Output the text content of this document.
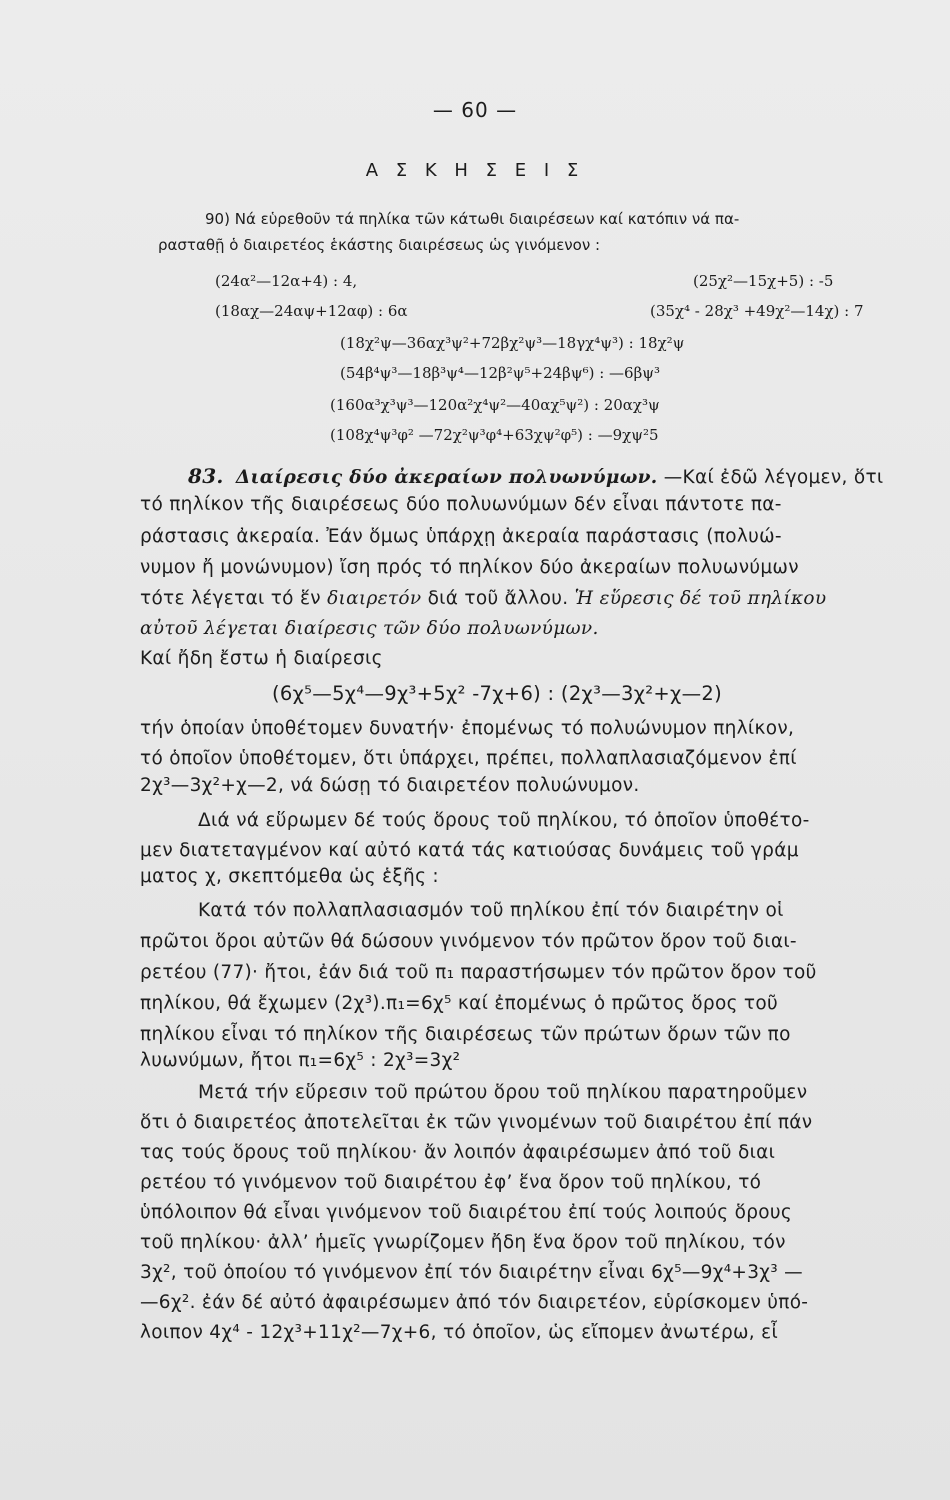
— 60 —
Α Σ Κ Η Σ Ε Ι Σ
90) Νά εὑρεθοῦν τά πηλίκα τῶν κάτωθι διαιρέσεων καί κατόπιν νά πα-
ρασταθῇ ὁ διαιρετέος ἑκάστης διαιρέσεως ὡς γινόμενον :
(24α²—12α+4) : 4,	(25χ²—15χ+5) : -5
(18αχ—24αψ+12αφ) : 6α	(35χ⁴ - 28χ³ +49χ²—14χ) : 7
(18χ²ψ—36αχ³ψ²+72βχ²ψ³—18γχ⁴ψ³) : 18χ²ψ
(54β⁴ψ³—18β³ψ⁴—12β²ψ⁵+24βψ⁶) : —6βψ³
(160α³χ³ψ³—120α²χ⁴ψ²—40αχ⁵ψ²) : 20αχ³ψ
(108χ⁴ψ³φ² —72χ²ψ³φ⁴+63χψ²φ⁵) : —9χψ²5
83. Διαίρεσις δύο ἀκεραίων πολυωνύμων. —Καί ἐδῶ λέγομεν, ὅτι
τό πηλίκον τῆς διαιρέσεως δύο πολυωνύμων δέν εἶναι πάντοτε πα-
ράστασις ἀκεραία. Ἐάν ὅμως ὑπάρχῃ ἀκεραία παράστασις (πολυώ-
νυμον ἤ μονώνυμον) ἴση πρός τό πηλίκον δύο ἀκεραίων πολυωνύμων
τότε λέγεται τό ἕν διαιρετόν διά τοῦ ἄλλου. Ἡ εὕρεσις δέ τοῦ πηλίκου
αὐτοῦ λέγεται διαίρεσις τῶν δύο πολυωνύμων.
Καί ἤδη ἔστω ἡ διαίρεσις
(6χ⁵—5χ⁴—9χ³+5χ² -7χ+6) : (2χ³—3χ²+χ—2)
τήν ὁποίαν ὑποθέτομεν δυνατήν· ἐπομένως τό πολυώνυμον πηλίκον,
τό ὁποῖον ὑποθέτομεν, ὅτι ὑπάρχει, πρέπει, πολλαπλασιαζόμενον ἐπί
2χ³—3χ²+χ—2, νά δώσῃ τό διαιρετέον πολυώνυμον.
Διά νά εὕρωμεν δέ τούς ὅρους τοῦ πηλίκου, τό ὁποῖον ὑποθέτο-
μεν διατεταγμένον καί αὐτό κατά τάς κατιούσας δυνάμεις τοῦ γράμ
ματος χ, σκεπτόμεθα ὡς ἑξῆς :
Κατά τόν πολλαπλασιασμόν τοῦ πηλίκου ἐπί τόν διαιρέτην οἱ
πρῶτοι ὅροι αὐτῶν θά δώσουν γινόμενον τόν πρῶτον ὅρον τοῦ διαι-
ρετέου (77)· ἤτοι, ἐάν διά τοῦ π₁ παραστήσωμεν τόν πρῶτον ὅρον τοῦ
πηλίκου, θά ἔχωμεν (2χ³).π₁=6χ⁵ καί ἐπομένως ὁ πρῶτος ὅρος τοῦ
πηλίκου εἶναι τό πηλίκον τῆς διαιρέσεως τῶν πρώτων ὅρων τῶν πο
λυωνύμων, ἤτοι π₁=6χ⁵ : 2χ³=3χ²
Μετά τήν εὕρεσιν τοῦ πρώτου ὅρου τοῦ πηλίκου παρατηροῦμεν
ὅτι ὁ διαιρετέος ἀποτελεῖται ἐκ τῶν γινομένων τοῦ διαιρέτου ἐπί πάν
τας τούς ὅρους τοῦ πηλίκου· ἄν λοιπόν ἀφαιρέσωμεν ἀπό τοῦ διαι
ρετέου τό γινόμενον τοῦ διαιρέτου ἐφ’ ἕνα ὅρον τοῦ πηλίκου, τό
ὑπόλοιπον θά εἶναι γινόμενον τοῦ διαιρέτου ἐπί τούς λοιπούς ὅρους
τοῦ πηλίκου· ἀλλ’ ἡμεῖς γνωρίζομεν ἤδη ἕνα ὅρον τοῦ πηλίκου, τόν
3χ², τοῦ ὁποίου τό γινόμενον ἐπί τόν διαιρέτην εἶναι 6χ⁵—9χ⁴+3χ³ —
—6χ². ἐάν δέ αὐτό ἀφαιρέσωμεν ἀπό τόν διαιρετέον, εὑρίσκομεν ὑπό-
λοιπον 4χ⁴ - 12χ³+11χ²—7χ+6, τό ὁποῖον, ὡς εἴπομεν ἀνωτέρω, εἶ
